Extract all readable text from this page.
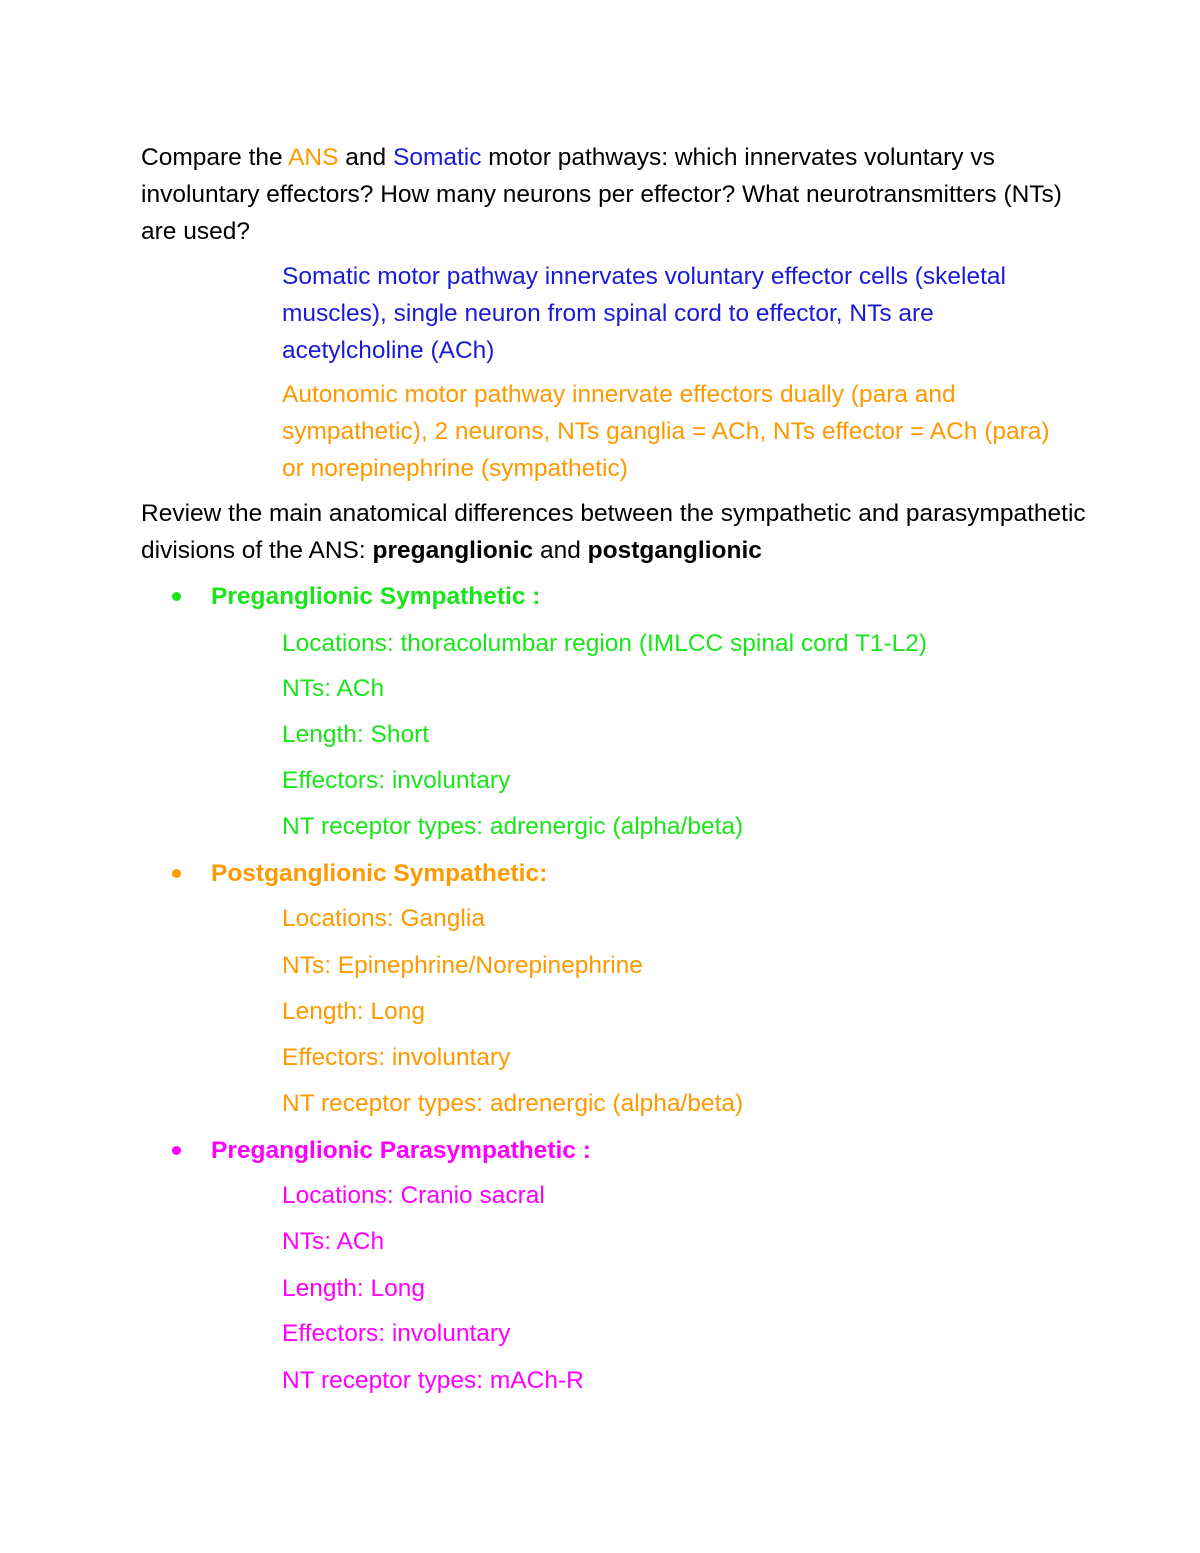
Compare the ANS and Somatic motor pathways: which innervates voluntary vs involuntary effectors? How many neurons per effector? What neurotransmitters (NTs) are used?

Somatic motor pathway innervates voluntary effector cells (skeletal muscles), single neuron from spinal cord to effector, NTs are acetylcholine (ACh)

Autonomic motor pathway innervate effectors dually (para and sympathetic), 2 neurons, NTs ganglia = ACh, NTs effector = ACh (para) or norepinephrine (sympathetic)

Review the main anatomical differences between the sympathetic and parasympathetic divisions of the ANS: preganglionic and postganglionic

Preganglionic Sympathetic :
Locations: thoracolumbar region (IMLCC spinal cord T1-L2)
NTs: ACh
Length: Short
Effectors: involuntary
NT receptor types: adrenergic (alpha/beta)
Postganglionic Sympathetic:
Locations: Ganglia
NTs: Epinephrine/Norepinephrine
Length: Long
Effectors: involuntary
NT receptor types: adrenergic (alpha/beta)
Preganglionic Parasympathetic :
Locations: Cranio sacral
NTs: ACh
Length: Long
Effectors: involuntary
NT receptor types: mACh-R
